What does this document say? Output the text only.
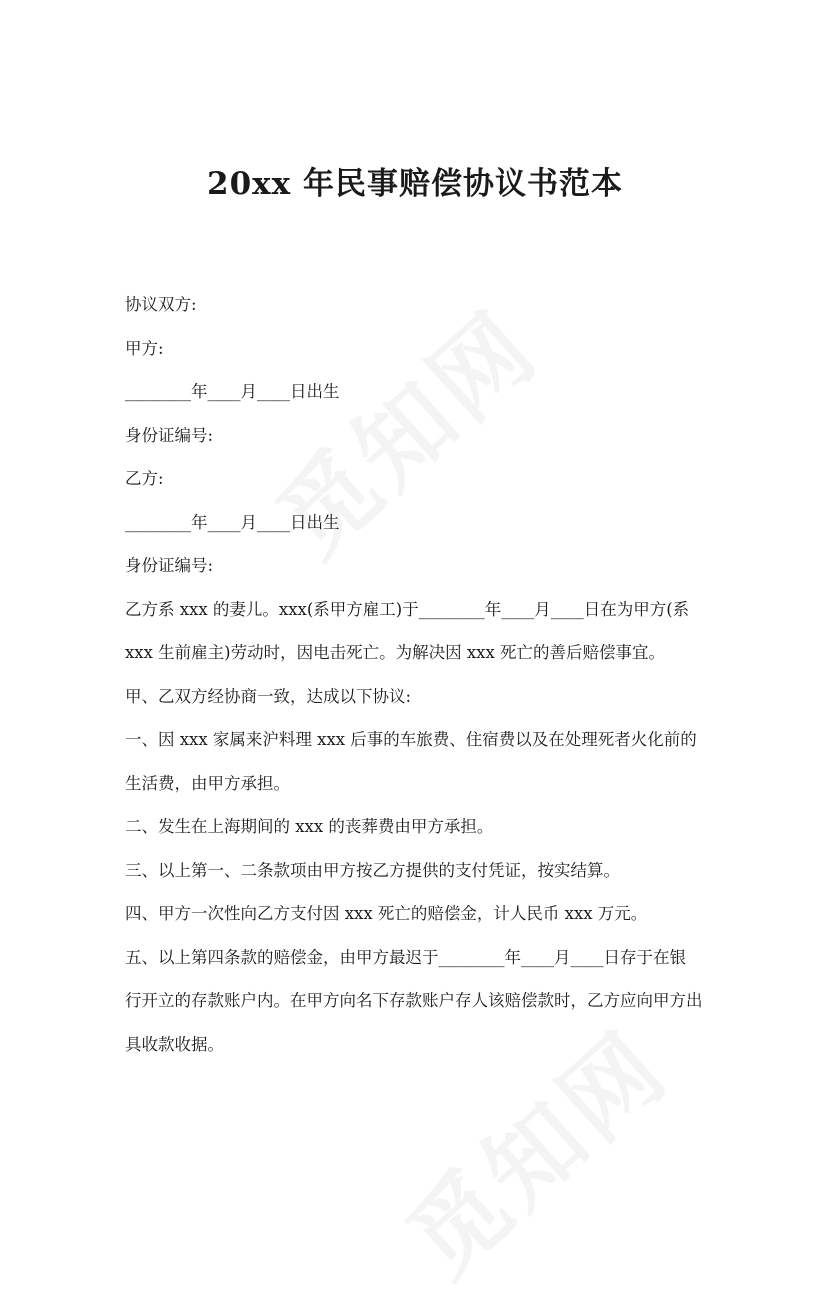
20xx 年民事赔偿协议书范本

协议双方:

甲方:

________年____月____日出生

身份证编号:

乙方:

________年____月____日出生

身份证编号:

乙方系 xxx 的妻儿。xxx(系甲方雇工)于________年____月____日在为甲方(系

xxx 生前雇主)劳动时，因电击死亡。为解决因 xxx 死亡的善后赔偿事宜。

甲、乙双方经协商一致，达成以下协议:

一、因 xxx 家属来沪料理 xxx 后事的车旅费、住宿费以及在处理死者火化前的

生活费，由甲方承担。

二、发生在上海期间的 xxx 的丧葬费由甲方承担。

三、以上第一、二条款项由甲方按乙方提供的支付凭证，按实结算。

四、甲方一次性向乙方支付因 xxx 死亡的赔偿金，计人民币 xxx 万元。

五、以上第四条款的赔偿金，由甲方最迟于________年____月____日存于在银

行开立的存款账户内。在甲方向名下存款账户存人该赔偿款时，乙方应向甲方出

具收款收据。
